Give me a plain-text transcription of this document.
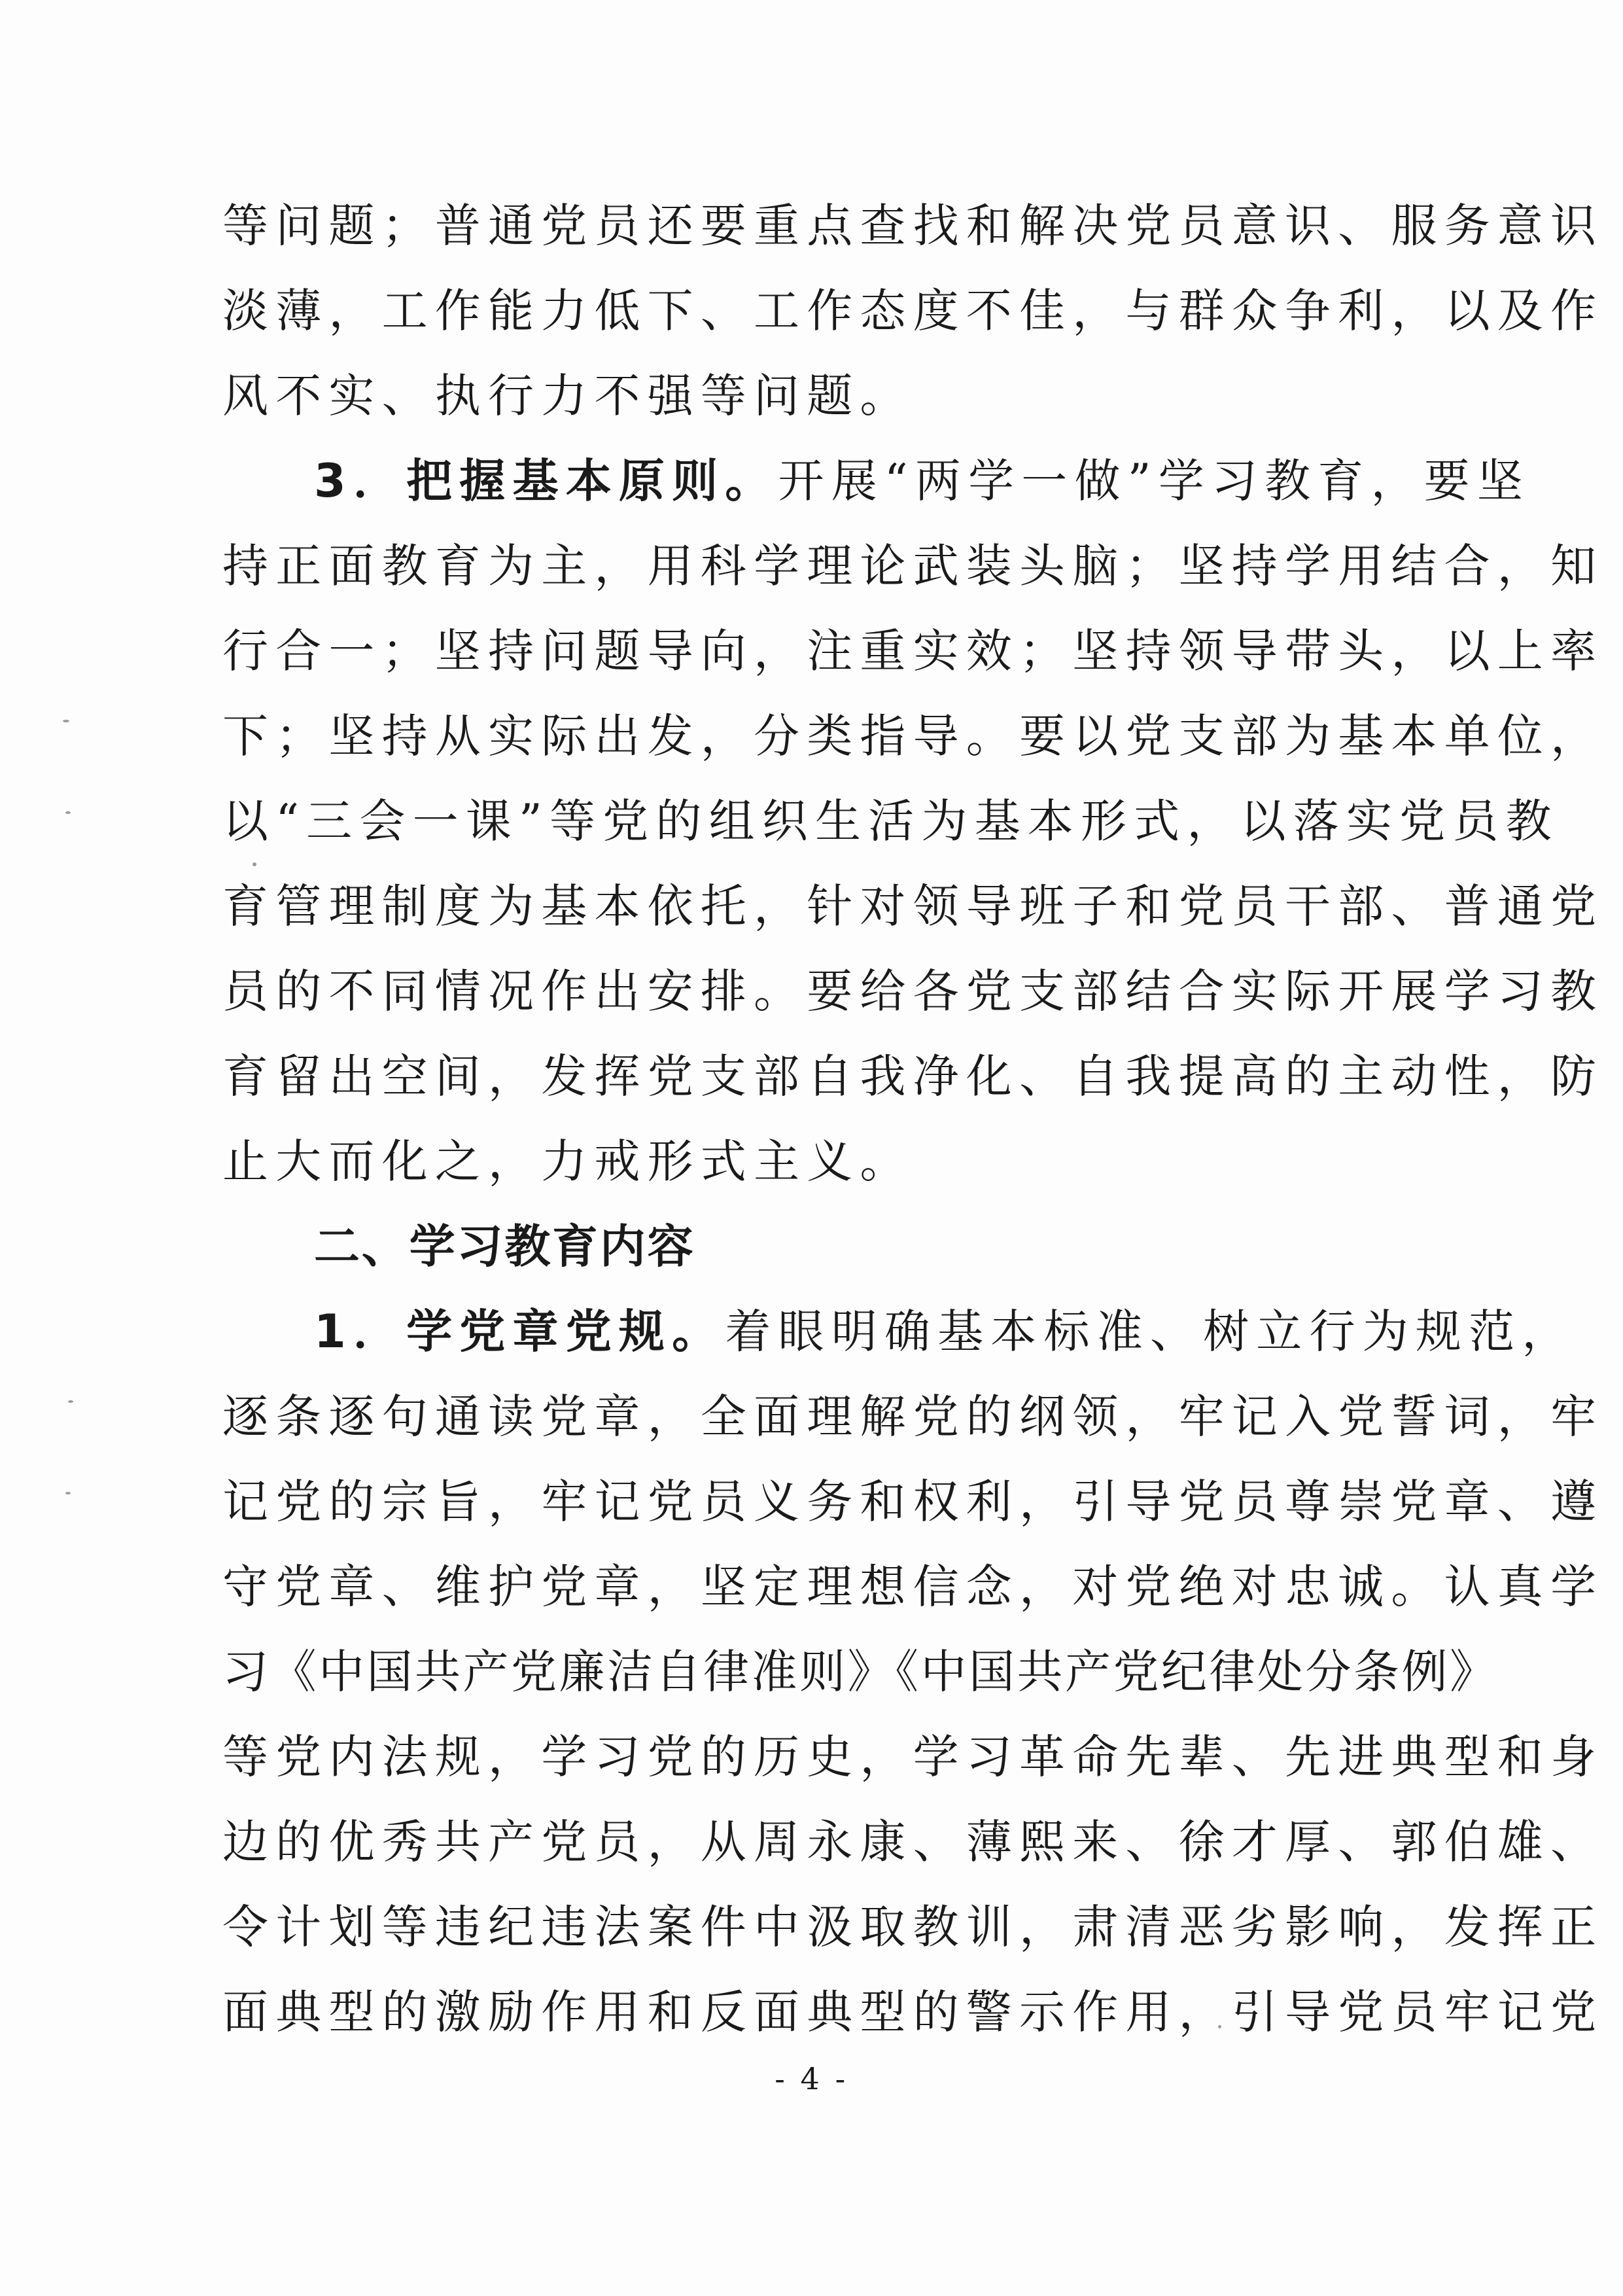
等问题；普通党员还要重点查找和解决党员意识、服务意识
淡薄，工作能力低下、工作态度不佳，与群众争利，以及作
风不实、执行力不强等问题。
3．把握基本原则。开展“两学一做”学习教育，要坚
持正面教育为主，用科学理论武装头脑；坚持学用结合，知
行合一；坚持问题导向，注重实效；坚持领导带头，以上率
下；坚持从实际出发，分类指导。要以党支部为基本单位，
以“三会一课”等党的组织生活为基本形式，以落实党员教
育管理制度为基本依托，针对领导班子和党员干部、普通党
员的不同情况作出安排。要给各党支部结合实际开展学习教
育留出空间，发挥党支部自我净化、自我提高的主动性，防
止大而化之，力戒形式主义。
二、学习教育内容
1．学党章党规。着眼明确基本标准、树立行为规范，
逐条逐句通读党章，全面理解党的纲领，牢记入党誓词，牢
记党的宗旨，牢记党员义务和权利，引导党员尊崇党章、遵
守党章、维护党章，坚定理想信念，对党绝对忠诚。认真学
习《中国共产党廉洁自律准则》《中国共产党纪律处分条例》
等党内法规，学习党的历史，学习革命先辈、先进典型和身
边的优秀共产党员，从周永康、薄熙来、徐才厚、郭伯雄、
令计划等违纪违法案件中汲取教训，肃清恶劣影响，发挥正
面典型的激励作用和反面典型的警示作用，引导党员牢记党
- 4 -
